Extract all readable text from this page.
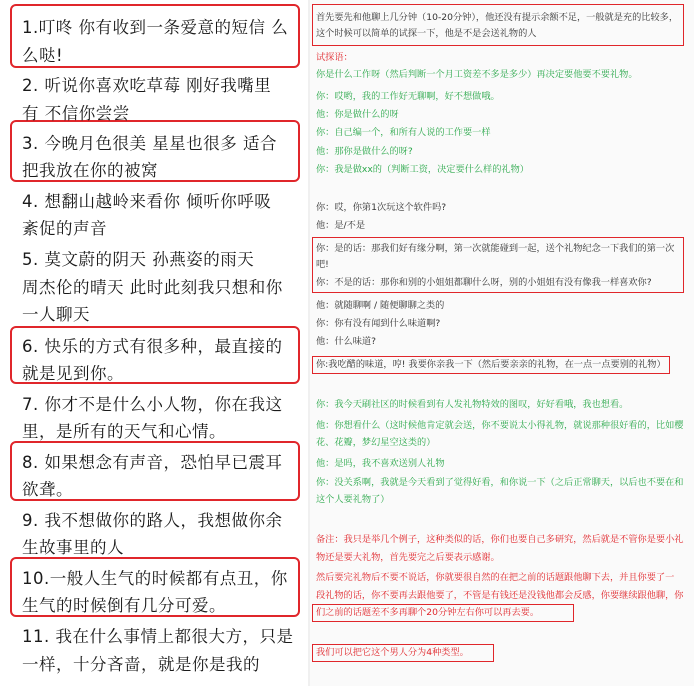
1.叮咚 你有收到一条爱意的短信 么
么哒!
2. 听说你喜欢吃草莓 刚好我嘴里
有 不信你尝尝
3. 今晚月色很美 星星也很多 适合
把我放在你的被窝
4. 想翻山越岭来看你 倾听你呼吸
紊促的声音
5. 莫文蔚的阴天 孙燕姿的雨天
周杰伦的晴天 此时此刻我只想和你
一人聊天
6. 快乐的方式有很多种，最直接的
就是见到你。
7. 你才不是什么小人物，你在我这
里，是所有的天气和心情。
8. 如果想念有声音，恐怕早已震耳
欲聋。
9. 我不想做你的路人，我想做你余
生故事里的人
10.一般人生气的时候都有点丑，你
生气的时候倒有几分可爱。
11. 我在什么事情上都很大方，只是
一样，十分吝啬，就是你是我的
首先要先和他聊上几分钟（10-20分钟），他还没有提示余额不足，一般就是充的比较多，
这个时候可以简单的试探一下，他是不是会送礼物的人
试探语：
你是什么工作呀（然后判断一个月工资差不多是多少）再决定要他要不要礼物。
你：哎哟，我的工作好无聊啊，好不想做哦。
他：你是做什么的呀
你：自己编一个，和所有人说的工作要一样
他：那你是做什么的呀?
你：我是做xx的（判断工资，决定要什么样的礼物）
你：哎，你第1次玩这个软件吗?
他：是/不是
你：是的话：那我们好有缘分啊，第一次就能碰到一起，送个礼物纪念一下我们的第一次
吧!
你：不是的话：那你和别的小姐姐都聊什么呀，别的小姐姐有没有像我一样喜欢你?
他：就随聊啊 / 随便聊聊之类的
你：你有没有闻到什么味道啊?
他：什么味道?
你:我吃醋的味道，哼! 我要你亲我一下（然后要亲亲的礼物，在一点一点要别的礼物）
你：我今天刷社区的时候看到有人发礼物特效的图叹，好好看哦，我也想看。
他：你想看什么（这时候他肯定就会送，你不要说太小得礼物，就说那种很好看的，比如樱
花、花瓣，梦幻星空这类的）
他：是吗，我不喜欢送别人礼物
你：没关系啊，我就是今天看到了觉得好看，和你说一下（之后正常聊天，以后也不要在和
这个人要礼物了）
备注：我只是举几个例子，这种类似的话，你们也要自己多研究，然后就是不管你是要小礼
物还是要大礼物，首先要完之后要表示感谢。
然后要完礼物后不要不说话，你就要很自然的在把之前的话题跟他聊下去，并且你要了一
段礼物的话，你不要再去跟他要了，不管是有钱还是没钱他都会反感，你要继续跟他聊，你
们之前的话题差不多再聊个20分钟左右你可以再去要。
我们可以把它这个男人分为4种类型。
